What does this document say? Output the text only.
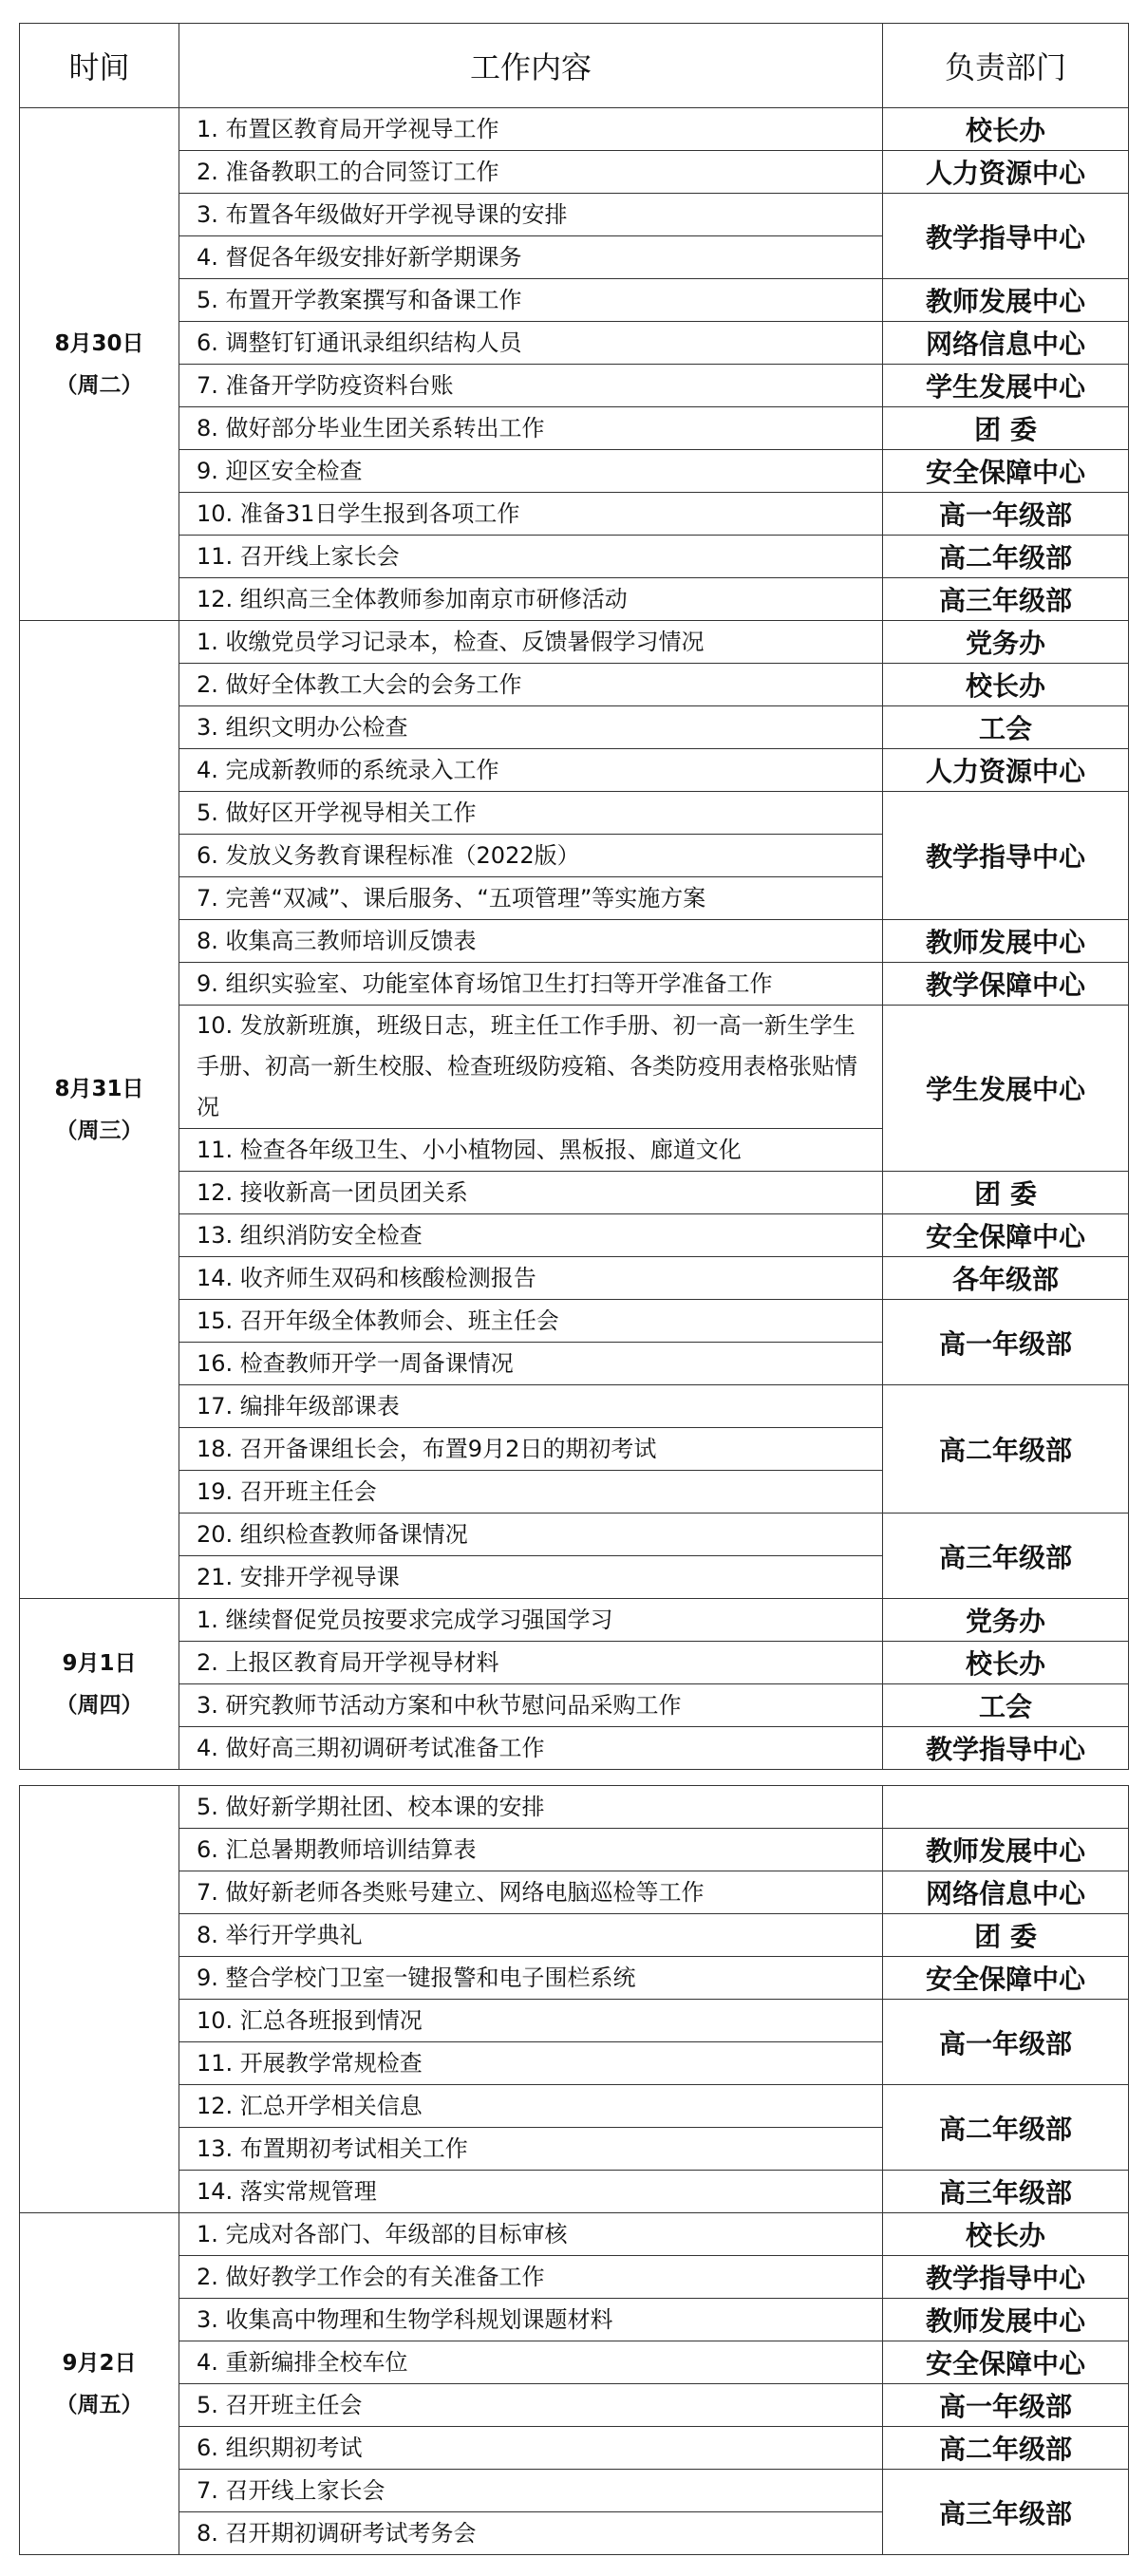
时间	工作内容	负责部门

8月30日
（周二）	1. 布置区教育局开学视导工作	校长办
	2. 准备教职工的合同签订工作	人力资源中心
	3. 布置各年级做好开学视导课的安排	教学指导中心
	4. 督促各年级安排好新学期课务	
	5. 布置开学教案撰写和备课工作	教师发展中心
	6. 调整钉钉通讯录组织结构人员	网络信息中心
	7. 准备开学防疫资料台账	学生发展中心
	8. 做好部分毕业生团关系转出工作	团 委
	9. 迎区安全检查	安全保障中心
	10. 准备31日学生报到各项工作	高一年级部
	11. 召开线上家长会	高二年级部
	12. 组织高三全体教师参加南京市研修活动	高三年级部

8月31日
（周三）	1. 收缴党员学习记录本，检查、反馈暑假学习情况	党务办
	2. 做好全体教工大会的会务工作	校长办
	3. 组织文明办公检查	工会
	4. 完成新教师的系统录入工作	人力资源中心
	5. 做好区开学视导相关工作	教学指导中心
	6. 发放义务教育课程标准（2022版）	
	7. 完善“双减”、课后服务、“五项管理”等实施方案	
	8. 收集高三教师培训反馈表	教师发展中心
	9. 组织实验室、功能室体育场馆卫生打扫等开学准备工作	教学保障中心
	10. 发放新班旗，班级日志，班主任工作手册、初一高一新生学生手册、初高一新生校服、检查班级防疫箱、各类防疫用表格张贴情况	学生发展中心
	11. 检查各年级卫生、小小植物园、黑板报、廊道文化	
	12. 接收新高一团员团关系	团 委
	13. 组织消防安全检查	安全保障中心
	14. 收齐师生双码和核酸检测报告	各年级部
	15. 召开年级全体教师会、班主任会	高一年级部
	16. 检查教师开学一周备课情况	
	17. 编排年级部课表	高二年级部
	18. 召开备课组长会，布置9月2日的期初考试	
	19. 召开班主任会	
	20. 组织检查教师备课情况	高三年级部
	21. 安排开学视导课	

9月1日
（周四）	1. 继续督促党员按要求完成学习强国学习	党务办
	2. 上报区教育局开学视导材料	校长办
	3. 研究教师节活动方案和中秋节慰问品采购工作	工会
	4. 做好高三期初调研考试准备工作	教学指导中心
	5. 做好新学期社团、校本课的安排	
	6. 汇总暑期教师培训结算表	教师发展中心
	7. 做好新老师各类账号建立、网络电脑巡检等工作	网络信息中心
	8. 举行开学典礼	团 委
	9. 整合学校门卫室一键报警和电子围栏系统	安全保障中心
	10. 汇总各班报到情况	高一年级部
	11. 开展教学常规检查	
	12. 汇总开学相关信息	高二年级部
	13. 布置期初考试相关工作	
	14. 落实常规管理	高三年级部

9月2日
（周五）	1. 完成对各部门、年级部的目标审核	校长办
	2. 做好教学工作会的有关准备工作	教学指导中心
	3. 收集高中物理和生物学科规划课题材料	教师发展中心
	4. 重新编排全校车位	安全保障中心
	5. 召开班主任会	高一年级部
	6. 组织期初考试	高二年级部
	7. 召开线上家长会	高三年级部
	8. 召开期初调研考试考务会	
